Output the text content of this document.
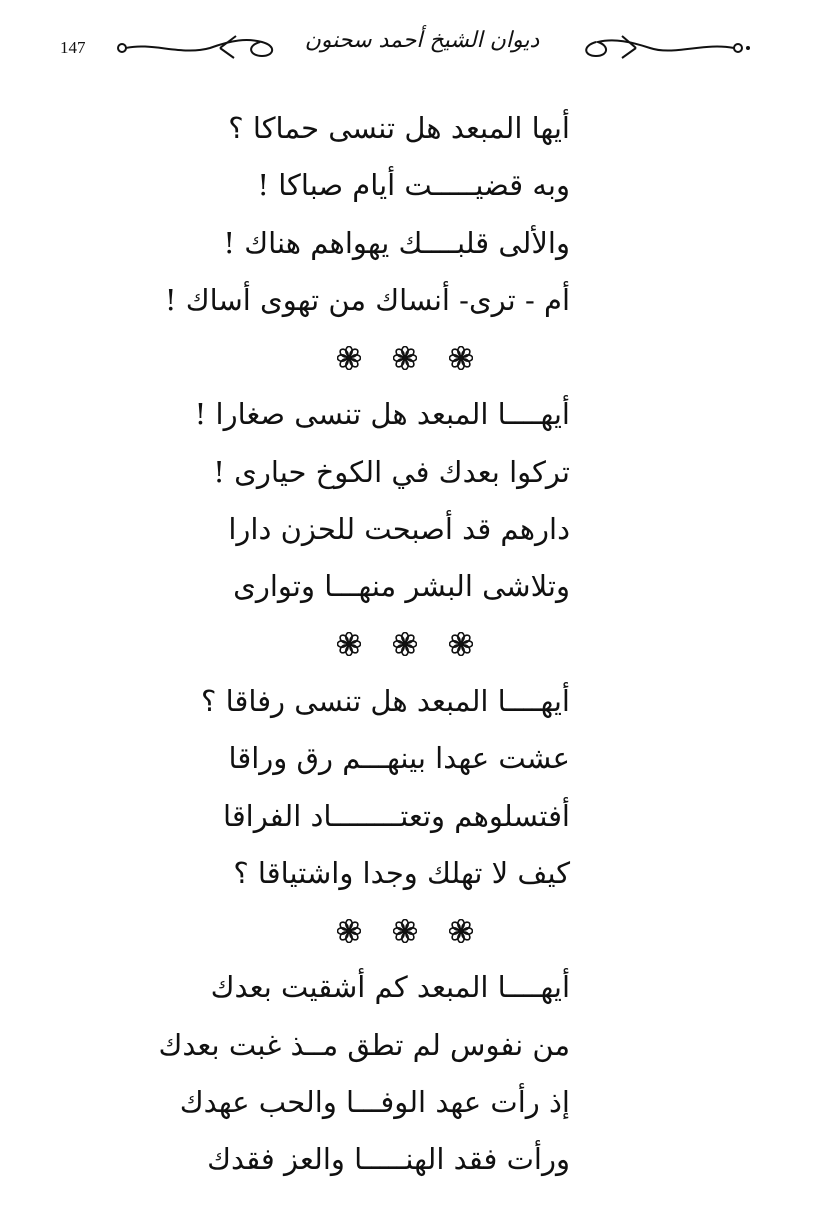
147	ديوان الشيخ أحمد سحنون
أيها المبعد هل تنسى حماكا ؟
وبه قضيـــــت أيام صباكا !
والألى قلبــــك يهواهم هناك !
أم - ترى- أنساك من تهوى أساك !
أيهــــا المبعد هل تنسى صغارا !
تركوا بعدك في الكوخ حيارى !
دارهم قد أصبحت للحزن دارا
وتلاشى البشر منهـــا وتوارى
أيهــــا المبعد هل تنسى رفاقا ؟
عشت عهدا بينهـــم رق وراقا
أفتسلوهم وتعتــــــــاد الفراقا
كيف لا تهلك وجدا واشتياقا ؟
أيهــــا المبعد كم أشقيت بعدك
من نفوس لم تطق مــذ غبت بعدك
إذ رأت عهد الوفـــا والحب عهدك
ورأت فقد الهنـــــا والعز فقدك
